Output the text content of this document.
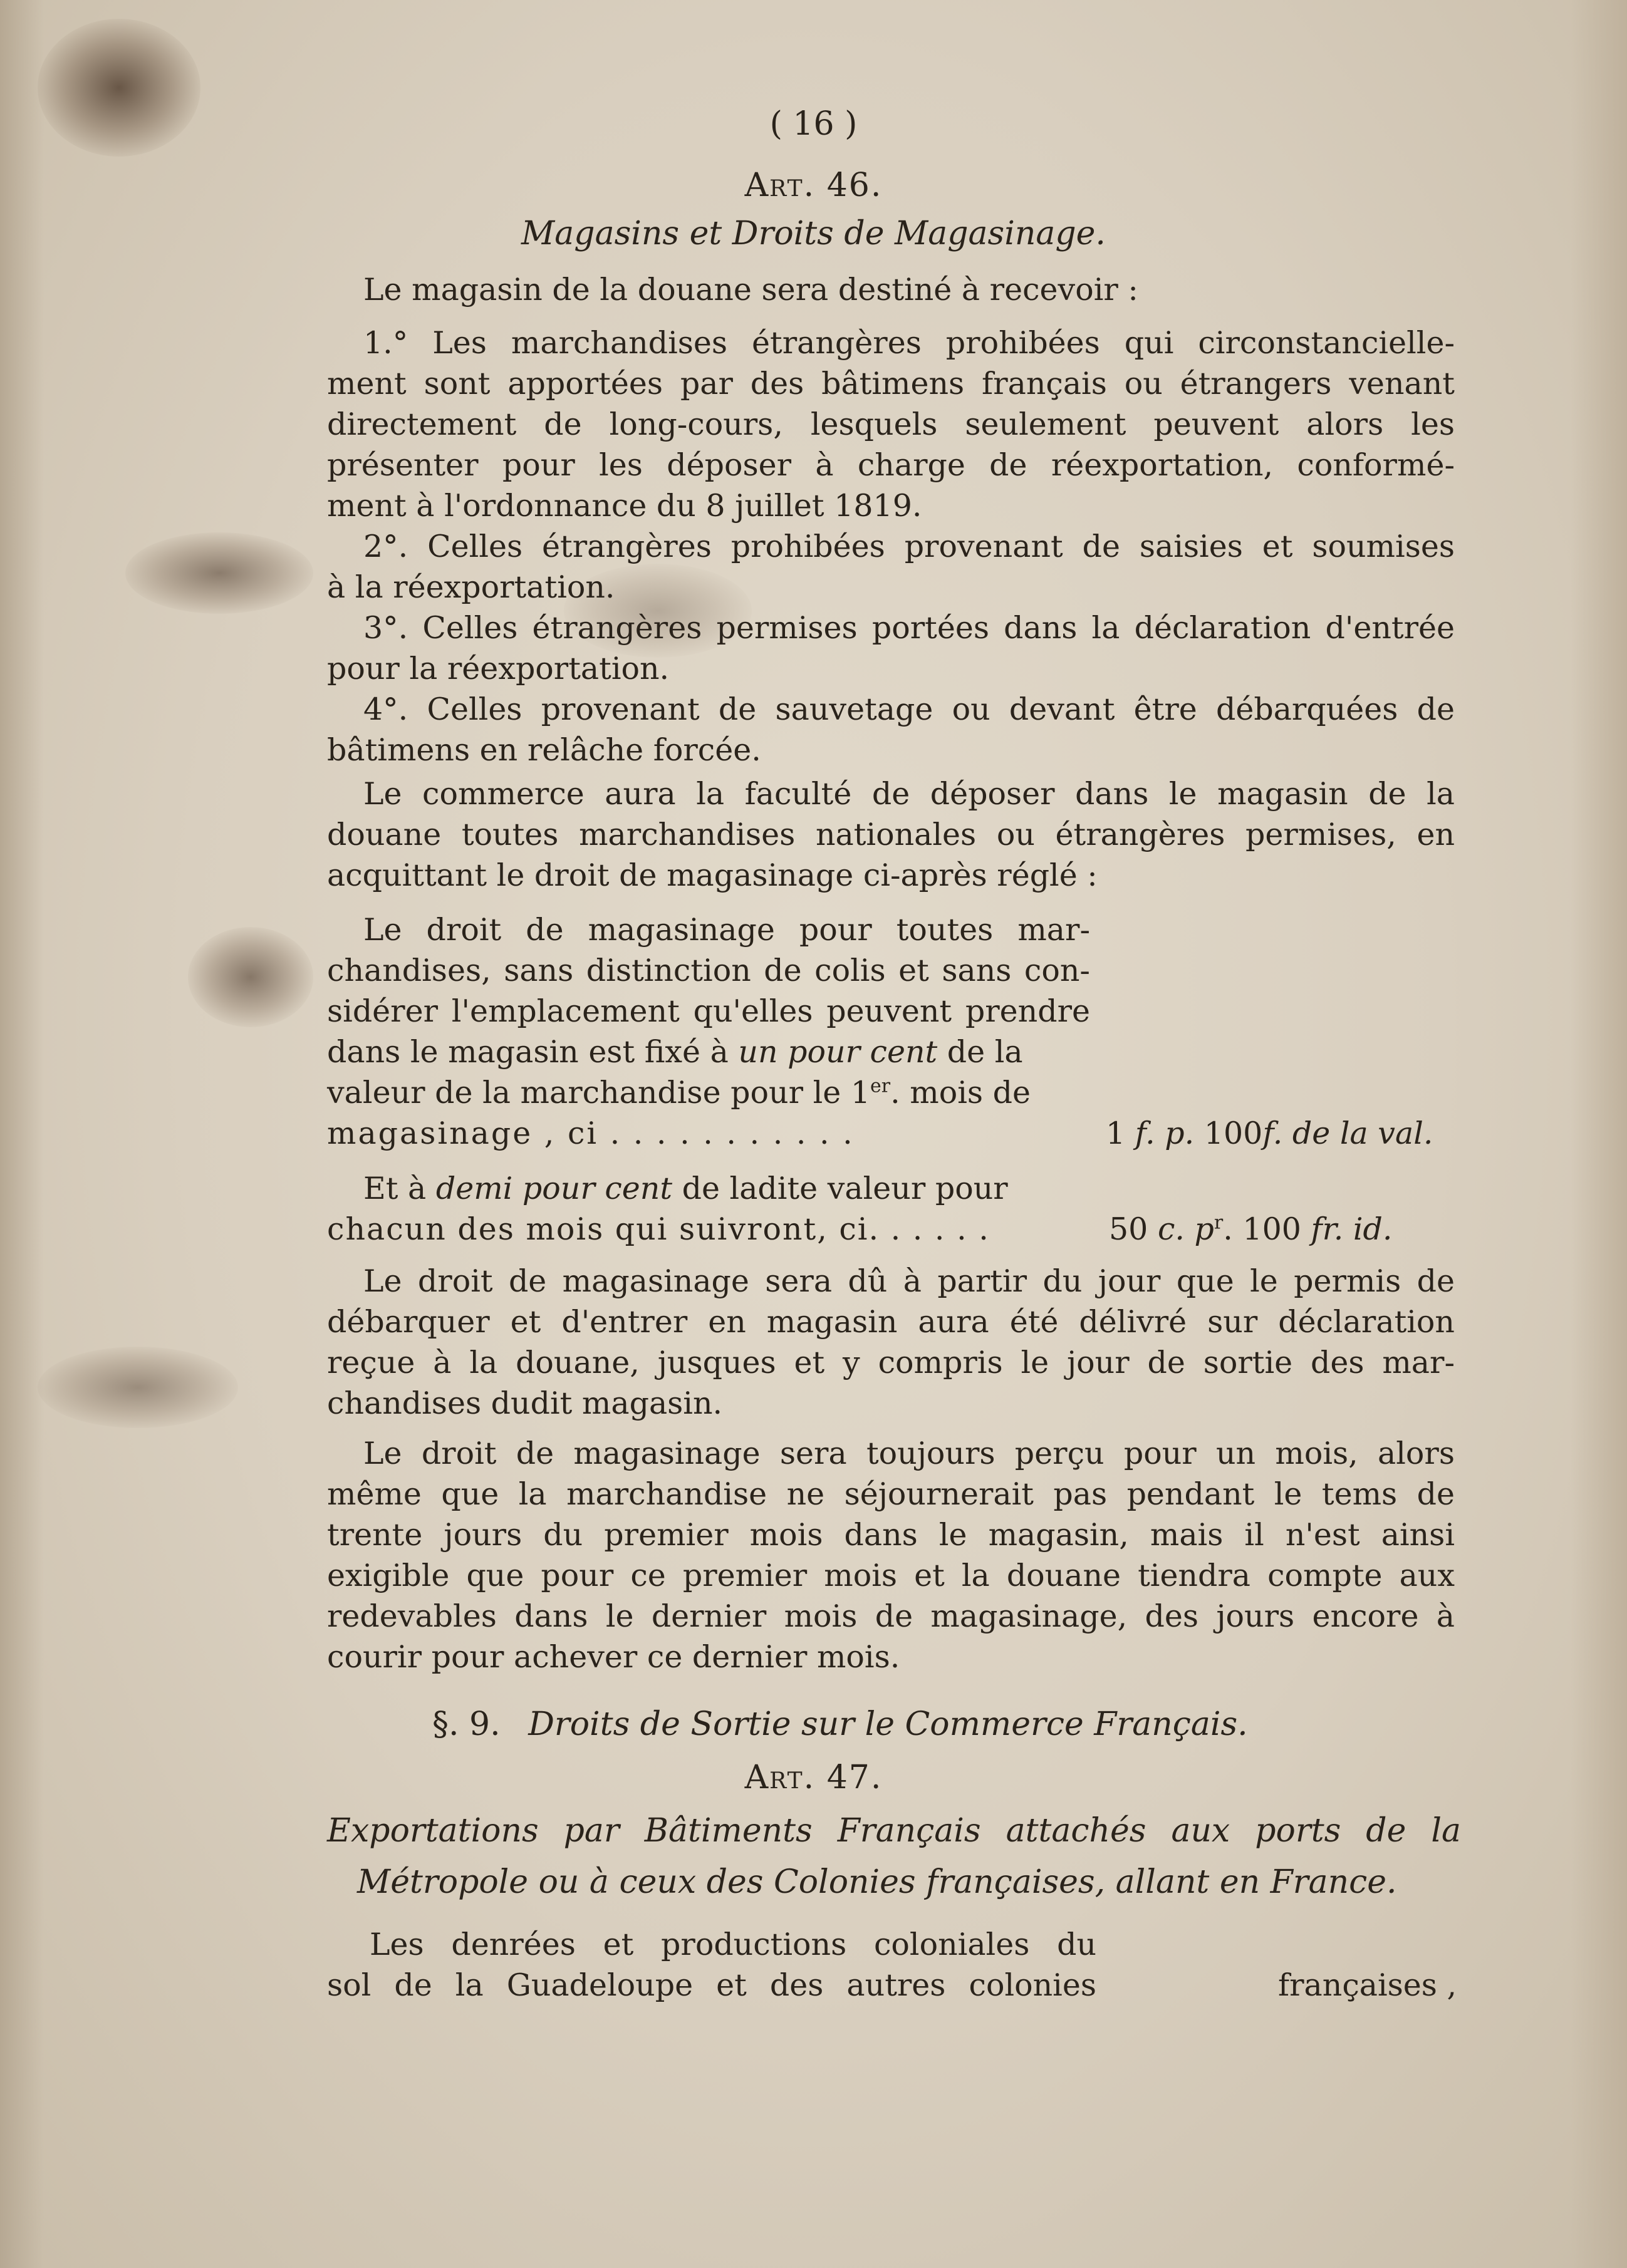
( 16 )
Art. 46.
Magasins et Droits de Magasinage.
Le magasin de la douane sera destiné à recevoir :
1.° Les marchandises étrangères prohibées qui circonstancielle-
ment sont apportées par des bâtimens français ou étrangers venant
directement de long-cours, lesquels seulement peuvent alors les
présenter pour les déposer à charge de réexportation, conformé-
ment à l'ordonnance du 8 juillet 1819.
2°. Celles étrangères prohibées provenant de saisies et soumises
à la réexportation.
3°. Celles étrangères permises portées dans la déclaration d'entrée
pour la réexportation.
4°. Celles provenant de sauvetage ou devant être débarquées de
bâtimens en relâche forcée.
Le commerce aura la faculté de déposer dans le magasin de la
douane toutes marchandises nationales ou étrangères permises, en
acquittant le droit de magasinage ci-après réglé :
Le droit de magasinage pour toutes mar-
chandises, sans distinction de colis et sans con-
sidérer l'emplacement qu'elles peuvent prendre
dans le magasin est fixé à un pour cent de la
valeur de la marchandise pour le 1er. mois de
magasinage , ci . . . . . . . . . . .	1 f. p. 100f. de la val.
Et à demi pour cent de ladite valeur pour
chacun des mois qui suivront, ci. . . . . .	50 c. $p^r$. 100 fr. id.
Le droit de magasinage sera dû à partir du jour que le permis de
débarquer et d'entrer en magasin aura été délivré sur déclaration
reçue à la douane, jusques et y compris le jour de sortie des mar-
chandises dudit magasin.
Le droit de magasinage sera toujours perçu pour un mois, alors
même que la marchandise ne séjournerait pas pendant le tems de
trente jours du premier mois dans le magasin, mais il n'est ainsi
exigible que pour ce premier mois et la douane tiendra compte aux
redevables dans le dernier mois de magasinage, des jours encore à
courir pour achever ce dernier mois.
§. 9. Droits de Sortie sur le Commerce Français.
Art. 47.
Exportations par Bâtiments Français attachés aux ports de la
Métropole ou à ceux des Colonies françaises, allant en France.
Les denrées et productions coloniales du
sol de la Guadeloupe et des autres colonies	françaises ,
